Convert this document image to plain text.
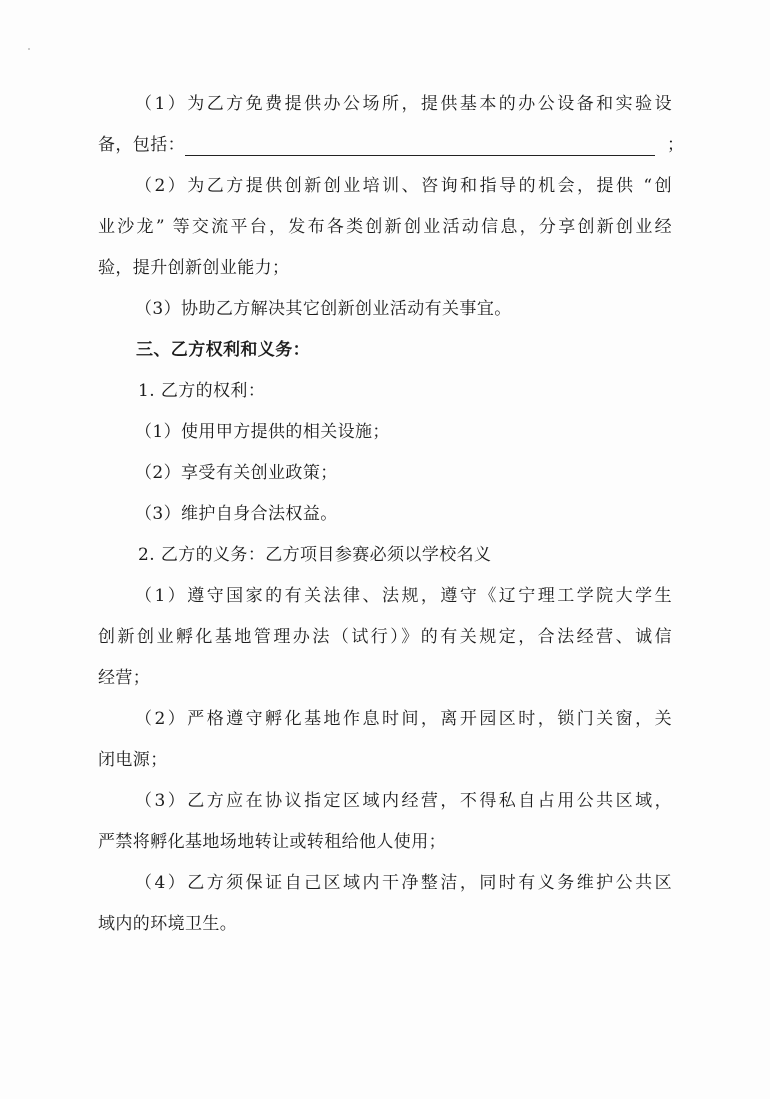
（1）为乙方免费提供办公场所，提供基本的办公设备和实验设
备，包括：	；
（2）为乙方提供创新创业培训、咨询和指导的机会，提供 “创
业沙龙” 等交流平台，发布各类创新创业活动信息，分享创新创业经
验，提升创新创业能力；
（3）协助乙方解决其它创新创业活动有关事宜。
三、乙方权利和义务：
1. 乙方的权利：
（1）使用甲方提供的相关设施；
（2）享受有关创业政策；
（3）维护自身合法权益。
2. 乙方的义务：乙方项目参赛必须以学校名义
（1）遵守国家的有关法律、法规，遵守《辽宁理工学院大学生
创新创业孵化基地管理办法（试行）》的有关规定，合法经营、诚信
经营；
（2）严格遵守孵化基地作息时间，离开园区时，锁门关窗，关
闭电源；
（3）乙方应在协议指定区域内经营，不得私自占用公共区域，
严禁将孵化基地场地转让或转租给他人使用；
（4）乙方须保证自己区域内干净整洁，同时有义务维护公共区
域内的环境卫生。
